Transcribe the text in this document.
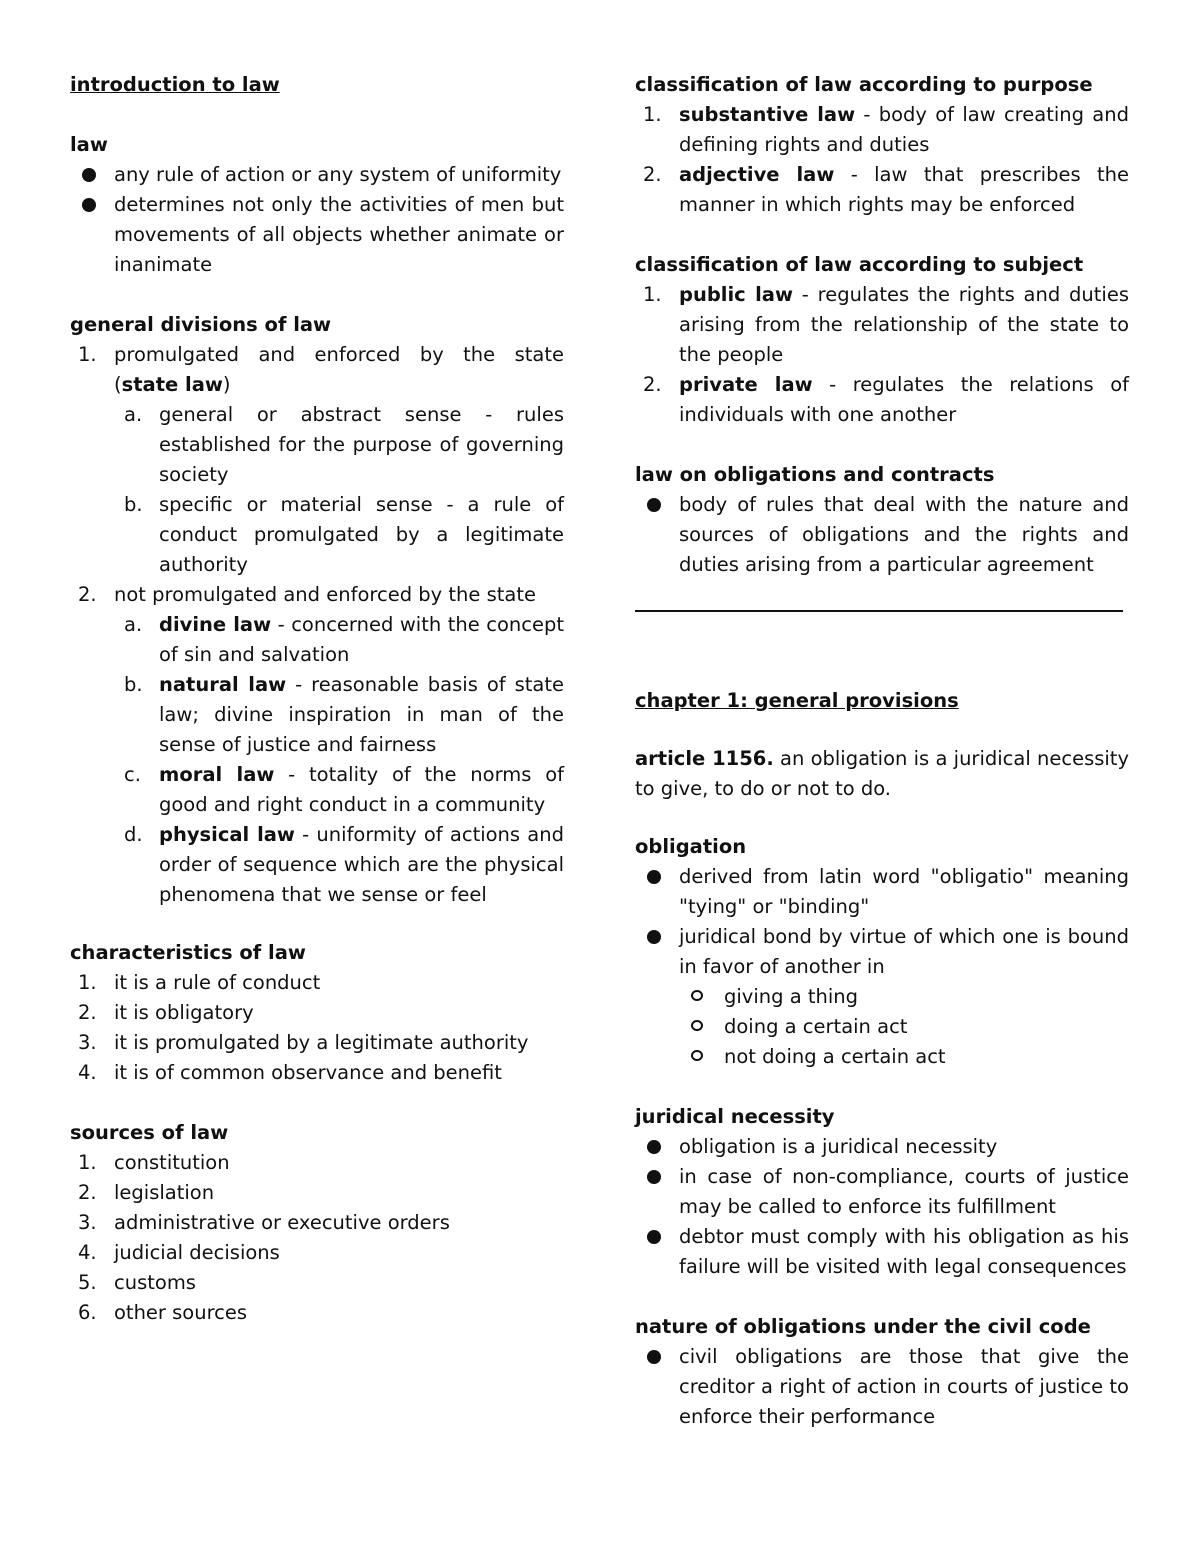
introduction to law
law
any rule of action or any system of uniformity
determines not only the activities of men but movements of all objects whether animate or inanimate
general divisions of law
1. promulgated and enforced by the state (state law)
a. general or abstract sense - rules established for the purpose of governing society
b. specific or material sense - a rule of conduct promulgated by a legitimate authority
2. not promulgated and enforced by the state
a. divine law - concerned with the concept of sin and salvation
b. natural law - reasonable basis of state law; divine inspiration in man of the sense of justice and fairness
c. moral law - totality of the norms of good and right conduct in a community
d. physical law - uniformity of actions and order of sequence which are the physical phenomena that we sense or feel
characteristics of law
1. it is a rule of conduct
2. it is obligatory
3. it is promulgated by a legitimate authority
4. it is of common observance and benefit
sources of law
1. constitution
2. legislation
3. administrative or executive orders
4. judicial decisions
5. customs
6. other sources
classification of law according to purpose
1. substantive law - body of law creating and defining rights and duties
2. adjective law - law that prescribes the manner in which rights may be enforced
classification of law according to subject
1. public law - regulates the rights and duties arising from the relationship of the state to the people
2. private law - regulates the relations of individuals with one another
law on obligations and contracts
body of rules that deal with the nature and sources of obligations and the rights and duties arising from a particular agreement
chapter 1: general provisions
article 1156. an obligation is a juridical necessity to give, to do or not to do.
obligation
derived from latin word "obligatio" meaning "tying" or "binding"
juridical bond by virtue of which one is bound in favor of another in
giving a thing
doing a certain act
not doing a certain act
juridical necessity
obligation is a juridical necessity
in case of non-compliance, courts of justice may be called to enforce its fulfillment
debtor must comply with his obligation as his failure will be visited with legal consequences
nature of obligations under the civil code
civil obligations are those that give the creditor a right of action in courts of justice to enforce their performance
